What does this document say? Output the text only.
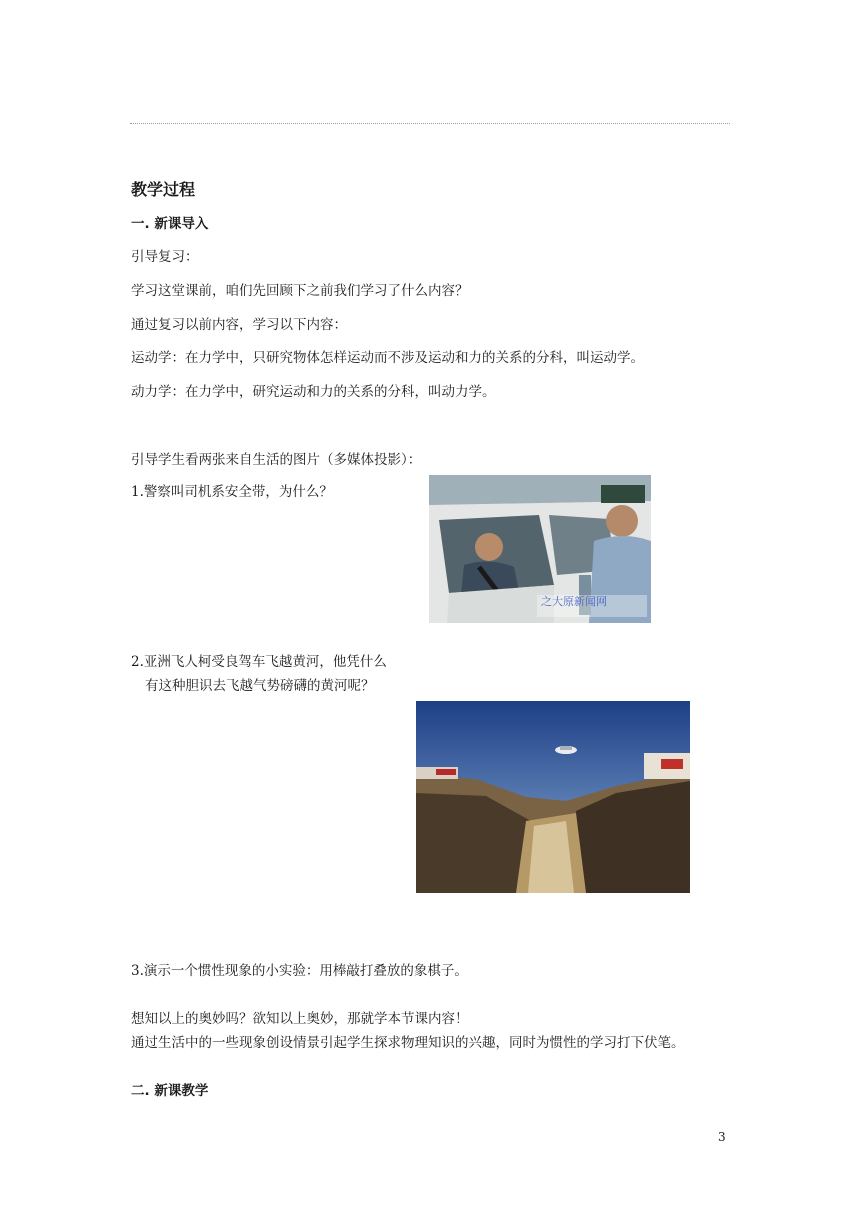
教学过程
一. 新课导入
引导复习：
学习这堂课前，咱们先回顾下之前我们学习了什么内容？
通过复习以前内容，学习以下内容：
运动学：在力学中，只研究物体怎样运动而不涉及运动和力的关系的分科，叫运动学。
动力学：在力学中，研究运动和力的关系的分科，叫动力学。
引导学生看两张来自生活的图片（多媒体投影）：
1.警察叫司机系安全带，为什么？
之大原新闻网
2.亚洲飞人柯受良驾车飞越黄河，他凭什么
有这种胆识去飞越气势磅礴的黄河呢？
3.演示一个惯性现象的小实验：用棒敲打叠放的象棋子。
想知以上的奥妙吗？欲知以上奥妙，那就学本节课内容！
通过生活中的一些现象创设情景引起学生探求物理知识的兴趣，同时为惯性的学习打下伏笔。
二. 新课教学
3
